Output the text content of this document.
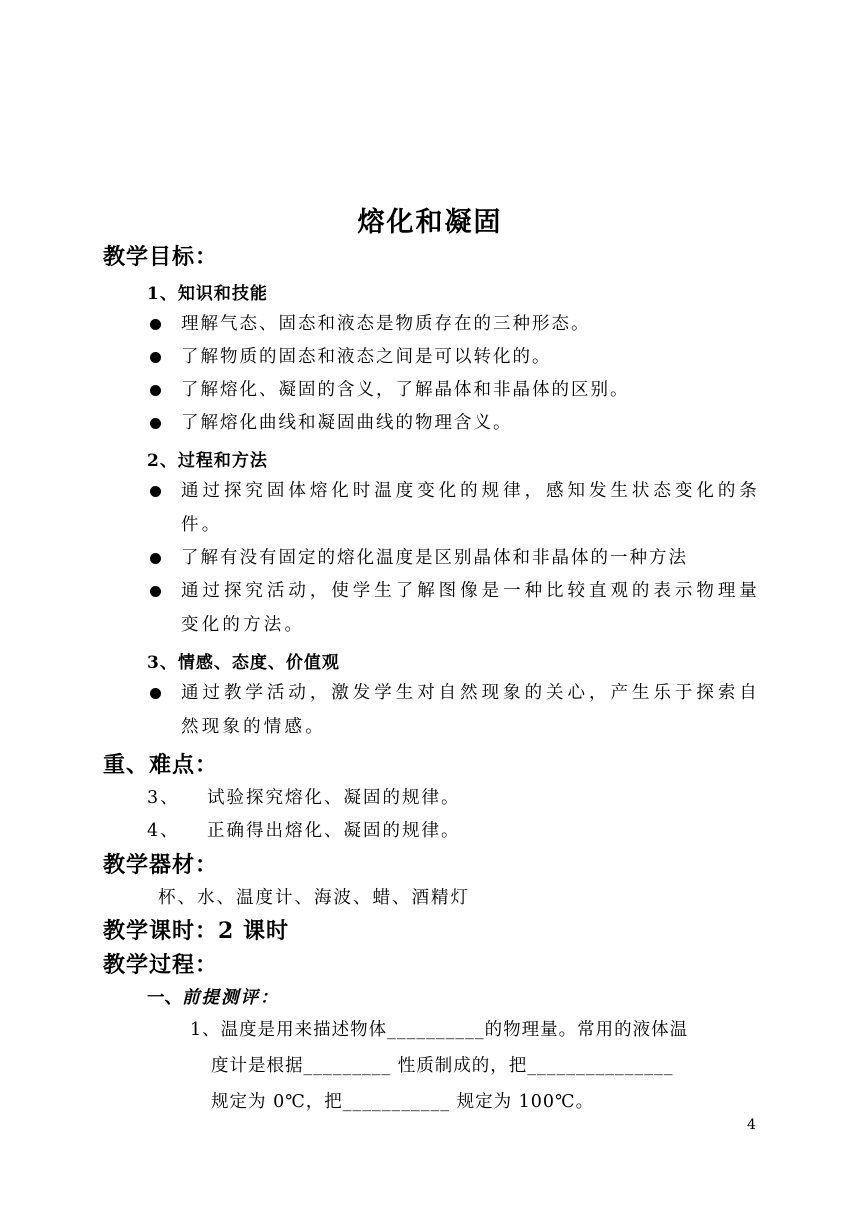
熔化和凝固
教学目标：
1、知识和技能
理解气态、固态和液态是物质存在的三种形态。
了解物质的固态和液态之间是可以转化的。
了解熔化、凝固的含义，了解晶体和非晶体的区别。
了解熔化曲线和凝固曲线的物理含义。
2、过程和方法
通过探究固体熔化时温度变化的规律，感知发生状态变化的条件。
了解有没有固定的熔化温度是区别晶体和非晶体的一种方法
通过探究活动，使学生了解图像是一种比较直观的表示物理量变化的方法。
3、情感、态度、价值观
通过教学活动，激发学生对自然现象的关心，产生乐于探索自然现象的情感。
重、难点：
3、 试验探究熔化、凝固的规律。
4、 正确得出熔化、凝固的规律。
教学器材：
杯、水、温度计、海波、蜡、酒精灯
教学课时：2 课时
教学过程：
一、前提测评：
1、温度是用来描述物体__________的物理量。常用的液体温
度计是根据_________ 性质制成的，把_______________
规定为 0℃，把___________ 规定为 100℃。
4
